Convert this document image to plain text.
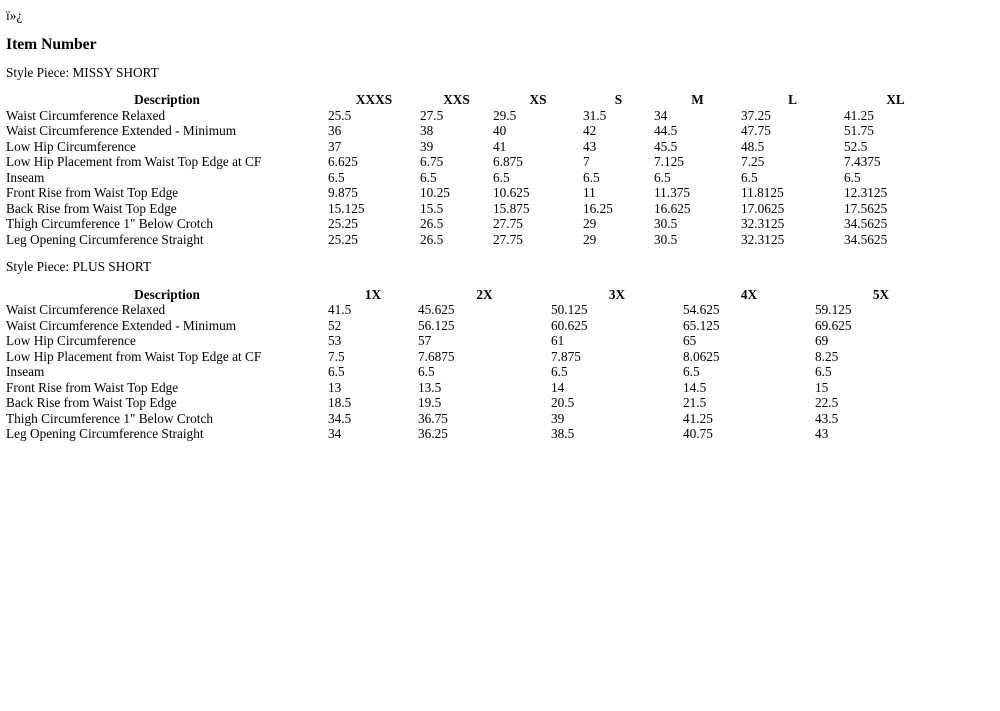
ï»¿

Item Number

Style Piece: MISSY SHORT

Description	XXXS	XXS	XS	S	M	L	XL
Waist Circumference Relaxed	25.5	27.5	29.5	31.5	34	37.25	41.25
Waist Circumference Extended - Minimum	36	38	40	42	44.5	47.75	51.75
Low Hip Circumference	37	39	41	43	45.5	48.5	52.5
Low Hip Placement from Waist Top Edge at CF	6.625	6.75	6.875	7	7.125	7.25	7.4375
Inseam	6.5	6.5	6.5	6.5	6.5	6.5	6.5
Front Rise from Waist Top Edge	9.875	10.25	10.625	11	11.375	11.8125	12.3125
Back Rise from Waist Top Edge	15.125	15.5	15.875	16.25	16.625	17.0625	17.5625
Thigh Circumference 1" Below Crotch	25.25	26.5	27.75	29	30.5	32.3125	34.5625
Leg Opening Circumference Straight	25.25	26.5	27.75	29	30.5	32.3125	34.5625

Style Piece: PLUS SHORT

Description	1X	2X	3X	4X	5X
Waist Circumference Relaxed	41.5	45.625	50.125	54.625	59.125
Waist Circumference Extended - Minimum	52	56.125	60.625	65.125	69.625
Low Hip Circumference	53	57	61	65	69
Low Hip Placement from Waist Top Edge at CF	7.5	7.6875	7.875	8.0625	8.25
Inseam	6.5	6.5	6.5	6.5	6.5
Front Rise from Waist Top Edge	13	13.5	14	14.5	15
Back Rise from Waist Top Edge	18.5	19.5	20.5	21.5	22.5
Thigh Circumference 1" Below Crotch	34.5	36.75	39	41.25	43.5
Leg Opening Circumference Straight	34	36.25	38.5	40.75	43
